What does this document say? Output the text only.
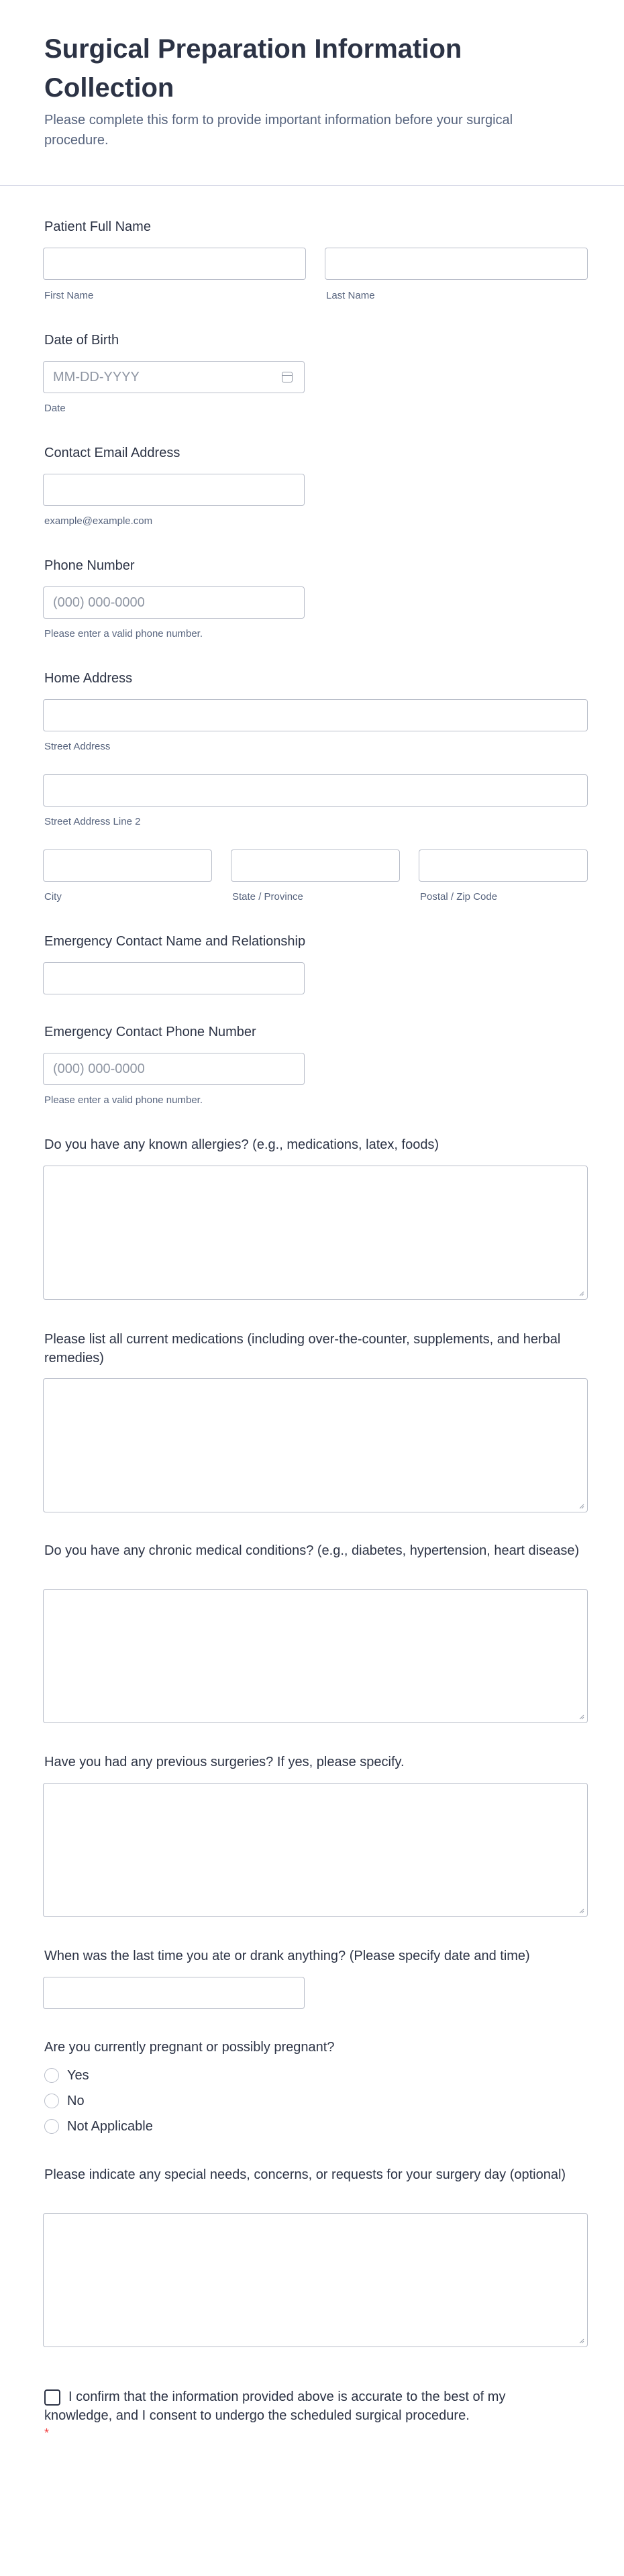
Surgical Preparation Information Collection

Please complete this form to provide important information before your surgical procedure.

Patient Full Name
First Name	Last Name
Date of Birth
MM-DD-YYYY
Date
Contact Email Address
example@example.com
Phone Number
(000) 000-0000
Please enter a valid phone number.
Home Address
Street Address
Street Address Line 2
City	State / Province	Postal / Zip Code
Emergency Contact Name and Relationship
Emergency Contact Phone Number
(000) 000-0000
Please enter a valid phone number.
Do you have any known allergies? (e.g., medications, latex, foods)
Please list all current medications (including over-the-counter, supplements, and herbal remedies)
Do you have any chronic medical conditions? (e.g., diabetes, hypertension, heart disease)
Have you had any previous surgeries? If yes, please specify.
When was the last time you ate or drank anything? (Please specify date and time)
Are you currently pregnant or possibly pregnant?
Yes
No
Not Applicable
Please indicate any special needs, concerns, or requests for your surgery day (optional)

I confirm that the information provided above is accurate to the best of my knowledge, and I consent to undergo the scheduled surgical procedure.

*
